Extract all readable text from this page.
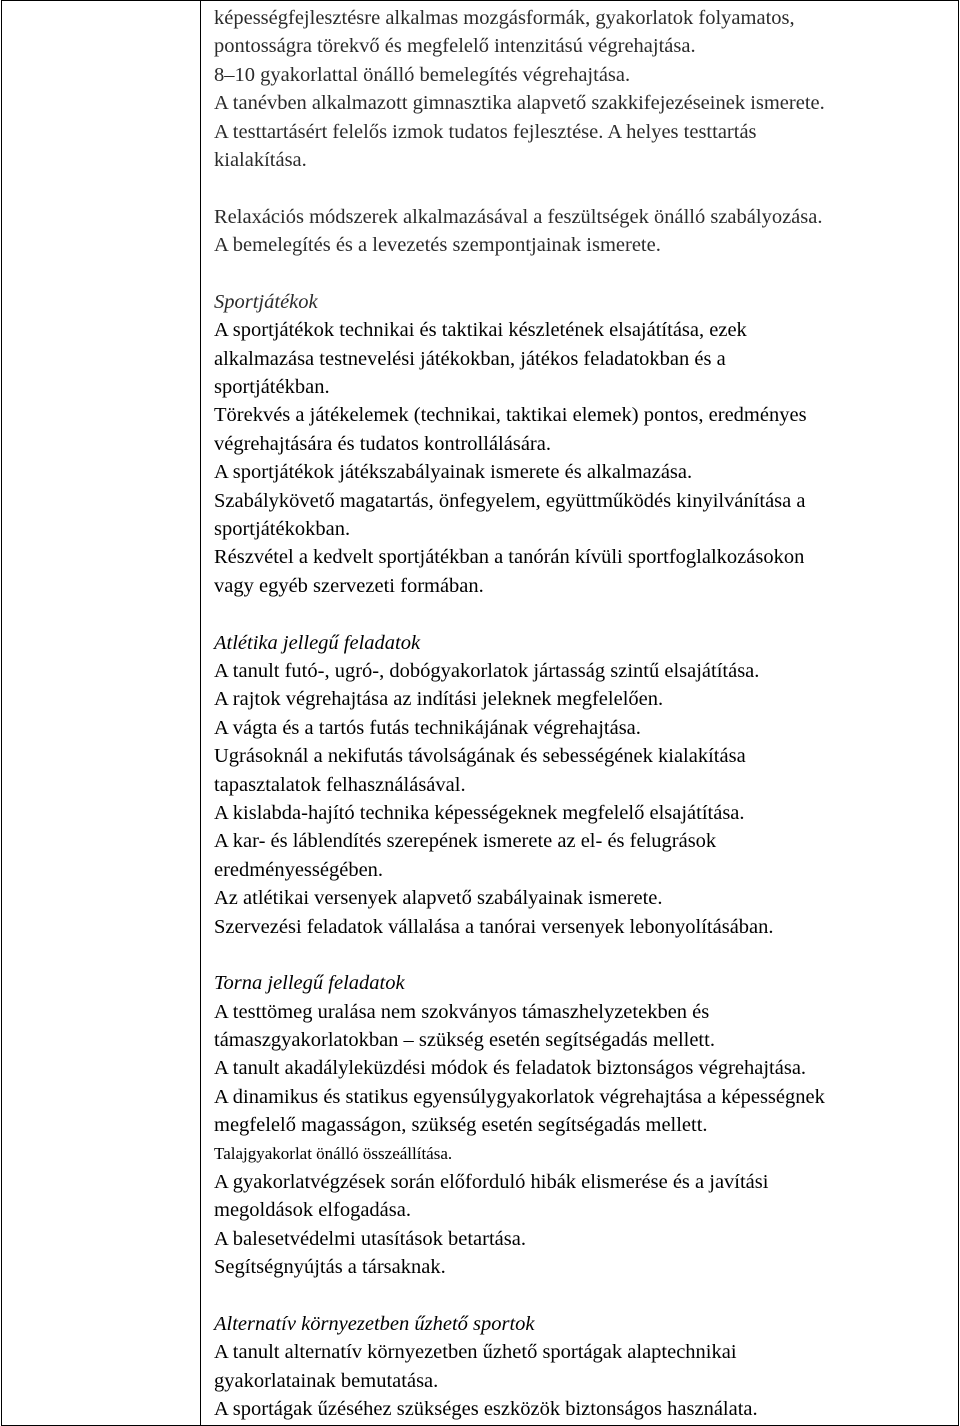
képességfejlesztésre alkalmas mozgásformák, gyakorlatok folyamatos,
pontosságra törekvő és megfelelő intenzitású végrehajtása.
8–10 gyakorlattal önálló bemelegítés végrehajtása.
A tanévben alkalmazott gimnasztika alapvető szakkifejezéseinek ismerete.
A testtartásért felelős izmok tudatos fejlesztése. A helyes testtartás
kialakítása.
Relaxációs módszerek alkalmazásával a feszültségek önálló szabályozása.
A bemelegítés és a levezetés szempontjainak ismerete.
Sportjátékok
A sportjátékok technikai és taktikai készletének elsajátítása, ezek
alkalmazása testnevelési játékokban, játékos feladatokban és a
sportjátékban.
Törekvés a játékelemek (technikai, taktikai elemek) pontos, eredményes
végrehajtására és tudatos kontrollálására.
A sportjátékok játékszabályainak ismerete és alkalmazása.
Szabálykövető magatartás, önfegyelem, együttműködés kinyilvánítása a
sportjátékokban.
Részvétel a kedvelt sportjátékban a tanórán kívüli sportfoglalkozásokon
vagy egyéb szervezeti formában.
Atlétika jellegű feladatok
A tanult futó-, ugró-, dobógyakorlatok jártasság szintű elsajátítása.
A rajtok végrehajtása az indítási jeleknek megfelelően.
A vágta és a tartós futás technikájának végrehajtása.
Ugrásoknál a nekifutás távolságának és sebességének kialakítása
tapasztalatok felhasználásával.
A kislabda-hajító technika képességeknek megfelelő elsajátítása.
A kar- és láblendítés szerepének ismerete az el- és felugrások
eredményességében.
Az atlétikai versenyek alapvető szabályainak ismerete.
Szervezési feladatok vállalása a tanórai versenyek lebonyolításában.
Torna jellegű feladatok
A testtömeg uralása nem szokványos támaszhelyzetekben és
támaszgyakorlatokban – szükség esetén segítségadás mellett.
A tanult akadályleküzdési módok és feladatok biztonságos végrehajtása.
A dinamikus és statikus egyensúlygyakorlatok végrehajtása a képességnek
megfelelő magasságon, szükség esetén segítségadás mellett.
Talajgyakorlat önálló összeállítása.
A gyakorlatvégzések során előforduló hibák elismerése és a javítási
megoldások elfogadása.
A balesetvédelmi utasítások betartása.
Segítségnyújtás a társaknak.
Alternatív környezetben űzhető sportok
A tanult alternatív környezetben űzhető sportágak alaptechnikai
gyakorlatainak bemutatása.
A sportágak űzéséhez szükséges eszközök biztonságos használata.
